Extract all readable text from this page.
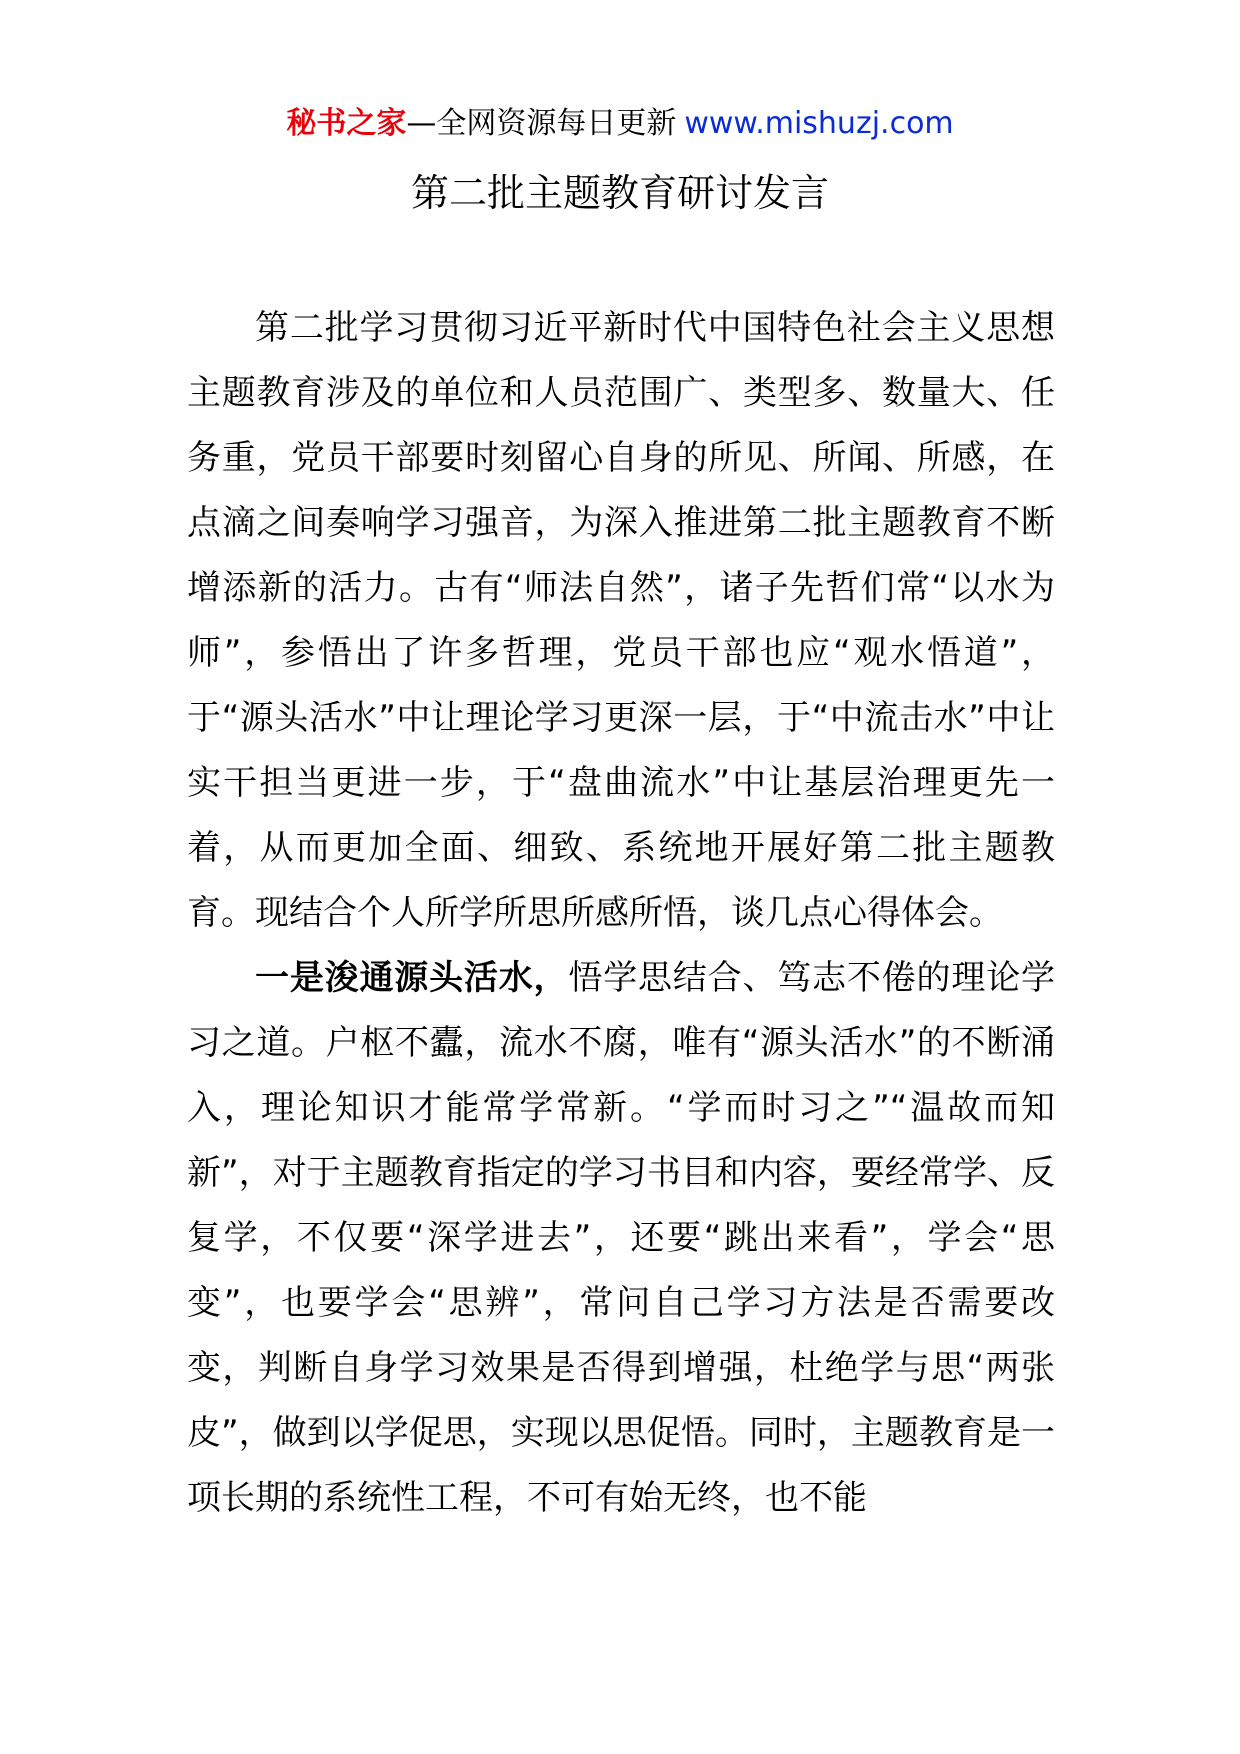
秘书之家—全网资源每日更新 www.mishuzj.com
第二批主题教育研讨发言

第二批学习贯彻习近平新时代中国特色社会主义思想主题教育涉及的单位和人员范围广、类型多、数量大、任务重，党员干部要时刻留心自身的所见、所闻、所感，在点滴之间奏响学习强音，为深入推进第二批主题教育不断增添新的活力。古有“师法自然”，诸子先哲们常“以水为师”，参悟出了许多哲理，党员干部也应“观水悟道”，于“源头活水”中让理论学习更深一层，于“中流击水”中让实干担当更进一步，于“盘曲流水”中让基层治理更先一着，从而更加全面、细致、系统地开展好第二批主题教育。现结合个人所学所思所感所悟，谈几点心得体会。

一是浚通源头活水，悟学思结合、笃志不倦的理论学习之道。户枢不蠹，流水不腐，唯有“源头活水”的不断涌入，理论知识才能常学常新。“学而时习之”“温故而知新”，对于主题教育指定的学习书目和内容，要经常学、反复学，不仅要“深学进去”，还要“跳出来看”，学会“思变”，也要学会“思辨”，常问自己学习方法是否需要改变，判断自身学习效果是否得到增强，杜绝学与思“两张皮”，做到以学促思，实现以思促悟。同时，主题教育是一项长期的系统性工程，不可有始无终，也不能
